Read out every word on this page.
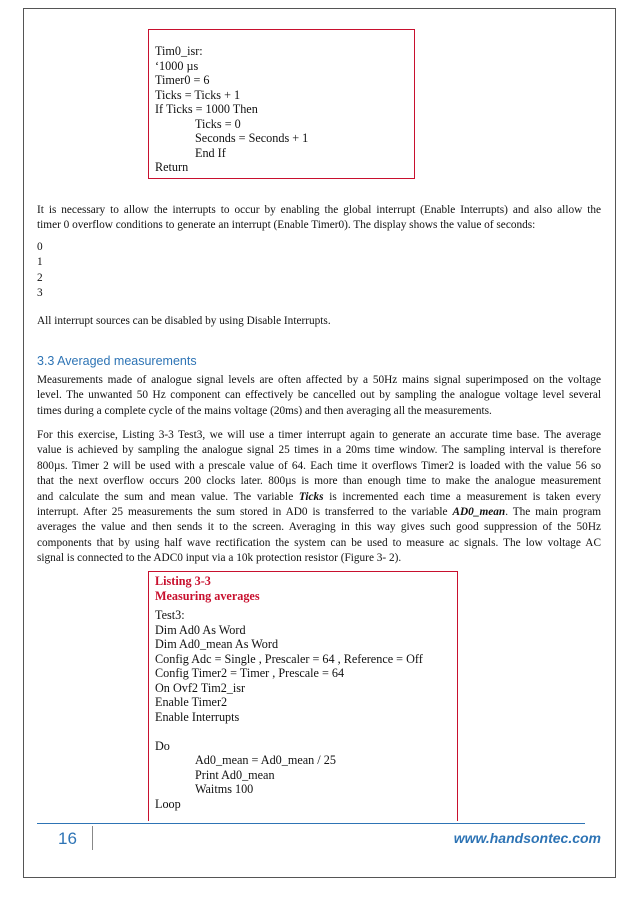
Tim0_isr:
‘1000 µs
Timer0 = 6
Ticks = Ticks + 1
If Ticks = 1000 Then
Ticks = 0
Seconds = Seconds + 1
End If
Return
It is necessary to allow the interrupts to occur by enabling the global interrupt (Enable Interrupts) and also allow the
timer 0 overflow conditions to generate an interrupt (Enable Timer0). The display shows the value of seconds:
0
1
2
3
All interrupt sources can be disabled by using Disable Interrupts.
3.3 Averaged measurements
Measurements made of analogue signal levels are often affected by a 50Hz mains signal superimposed on the voltage
level. The unwanted 50 Hz component can effectively be cancelled out by sampling the analogue voltage level several
times during a complete cycle of the mains voltage (20ms) and then averaging all the measurements.
For this exercise, Listing 3-3 Test3, we will use a timer interrupt again to generate an accurate time base. The average
value is achieved by sampling the analogue signal 25 times in a 20ms time window. The sampling interval is therefore
800µs. Timer 2 will be used with a prescale value of 64. Each time it overflows Timer2 is loaded with the value 56 so
that the next overflow occurs 200 clocks later. 800µs is more than enough time to make the analogue measurement
and calculate the sum and mean value. The variable Ticks is incremented each time a measurement is taken every
interrupt. After 25 measurements the sum stored in AD0 is transferred to the variable AD0_mean. The main program
averages the value and then sends it to the screen. Averaging in this way gives such good suppression of the 50Hz
components that by using half wave rectification the system can be used to measure ac signals. The low voltage AC
signal is connected to the ADC0 input via a 10k protection resistor (Figure 3- 2).
Listing 3-3
Measuring averages
Test3:
Dim Ad0 As Word
Dim Ad0_mean As Word
Config Adc = Single , Prescaler = 64 , Reference = Off
Config Timer2 = Timer , Prescale = 64
On Ovf2 Tim2_isr
Enable Timer2
Enable Interrupts
Do
Ad0_mean = Ad0_mean / 25
Print Ad0_mean
Waitms 100
Loop
16	www.handsontec.com
